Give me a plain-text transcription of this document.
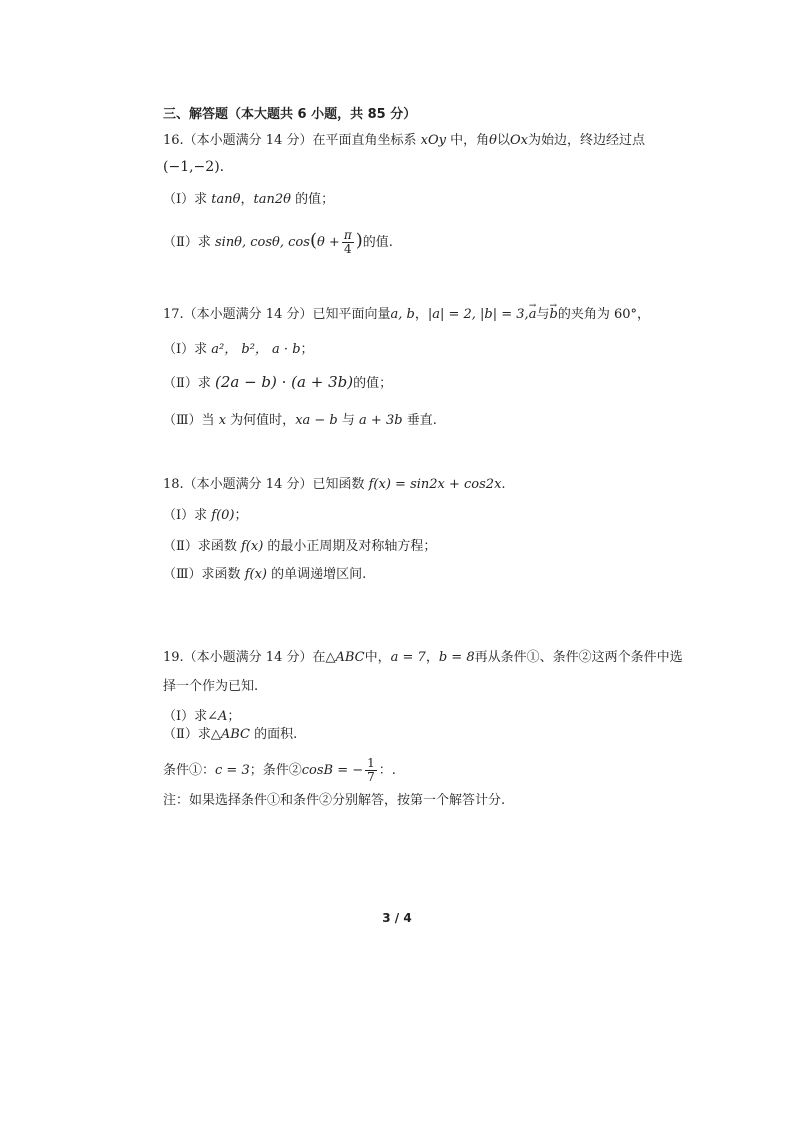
三、解答题（本大题共 6 小题，共 85 分）
16.（本小题满分 14 分）在平面直角坐标系 xOy 中，角θ以Ox为始边，终边经过点
(−1,−2).
（Ⅰ）求 tanθ，tan2θ 的值；
（Ⅱ）求 sinθ, cosθ, $\cos(\theta + \frac{\pi}{4}$ )的值.
17.（本小题满分 14 分）已知平面向量a, b，|a| = 2, |b| = 3,→ a与→ b的夹角为 60°，
（Ⅰ）求 a²， b²， a · b；
（Ⅱ）求 (2a − b) · (a + 3b)的值；
（Ⅲ）当 x 为何值时，xa − b 与 a + 3b 垂直.
18.（本小题满分 14 分）已知函数 f(x) = sin2x + cos2x.
（Ⅰ）求 f(0)；
（Ⅱ）求函数 f(x) 的最小正周期及对称轴方程；
（Ⅲ）求函数 f(x) 的单调递增区间.
19.（本小题满分 14 分）在△ABC中，a = 7，b = 8再从条件①、条件②这两个条件中选
择一个作为已知.
（Ⅰ）求∠A；
（Ⅱ）求△ABC 的面积.
条件①：c = 3；条件②cosB = − $\frac{1}{7}$ ：.
注：如果选择条件①和条件②分别解答，按第一个解答计分.
3 / 4
